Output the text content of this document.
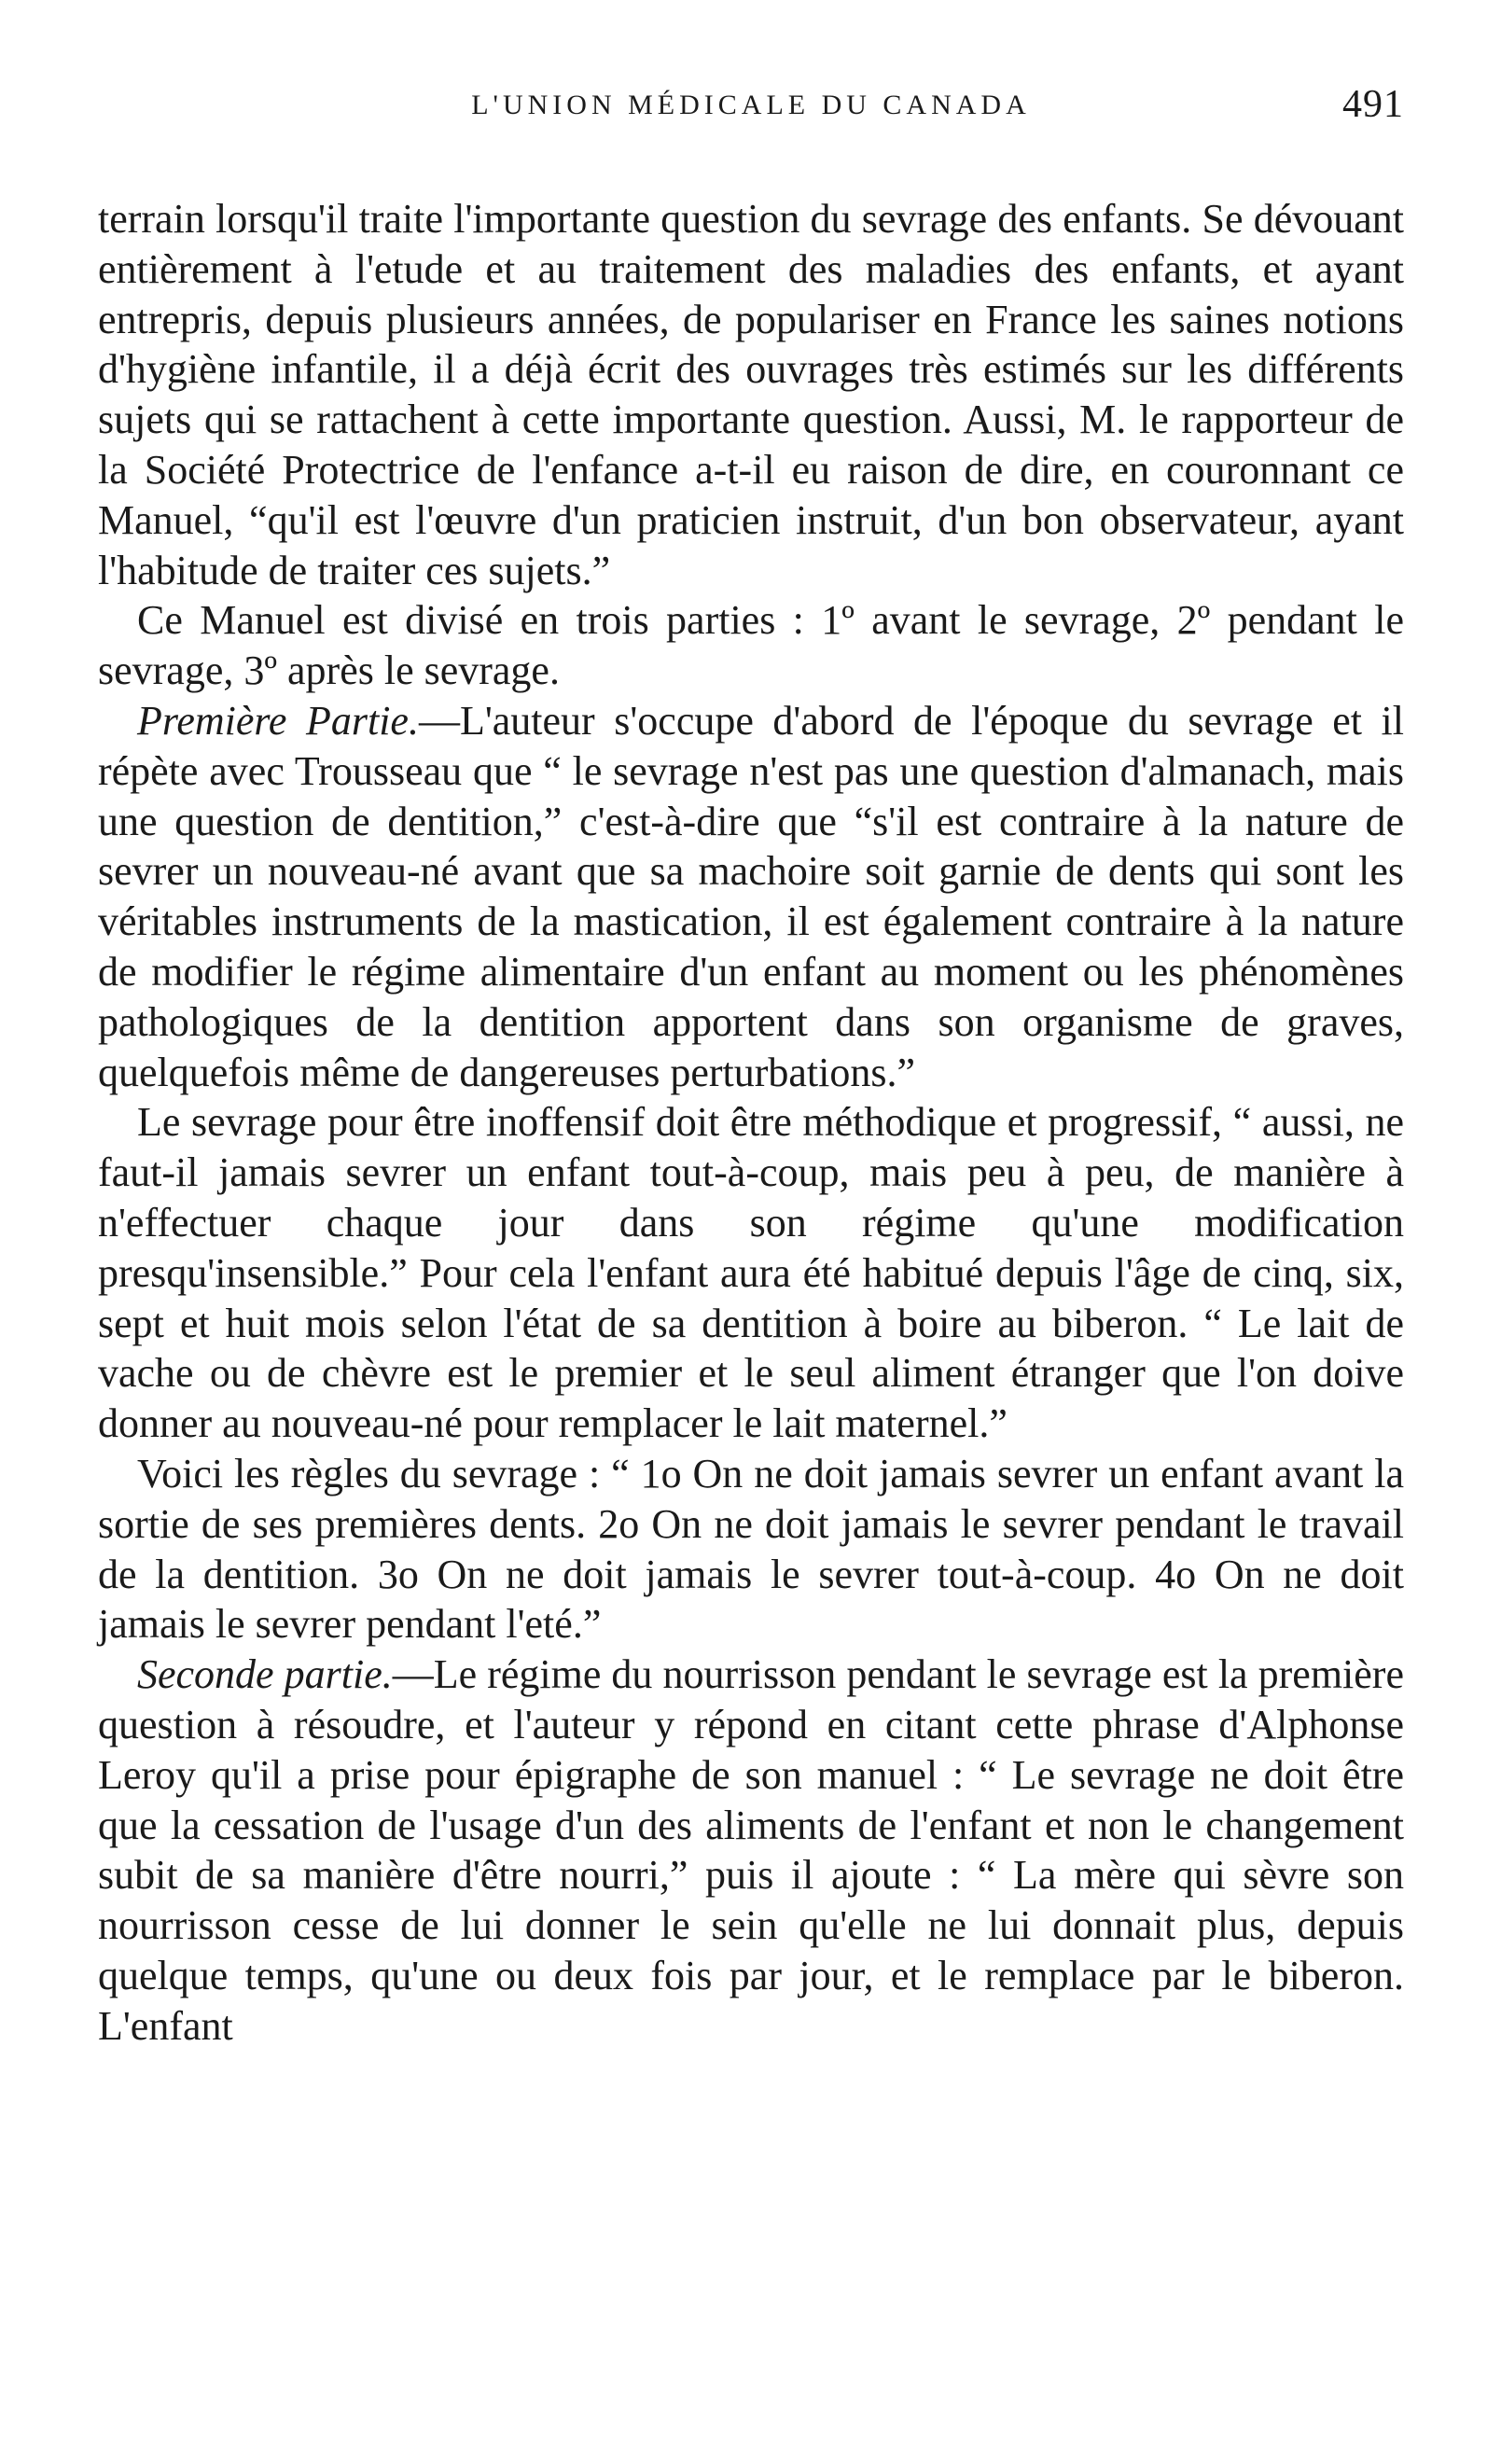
L'UNION MÉDICALE DU CANADA	491

terrain lorsqu'il traite l'importante question du sevrage des enfants. Se dévouant entièrement à l'etude et au traitement des maladies des enfants, et ayant entrepris, depuis plusieurs années, de populariser en France les saines notions d'hygiène infantile, il a déjà écrit des ouvrages très estimés sur les différents sujets qui se rattachent à cette importante question. Aussi, M. le rapporteur de la Société Protectrice de l'enfance a-t-il eu raison de dire, en couronnant ce Manuel, “qu'il est l'œuvre d'un praticien instruit, d'un bon observateur, ayant l'habitude de traiter ces sujets.”

Ce Manuel est divisé en trois parties : 1º avant le sevrage, 2º pendant le sevrage, 3º après le sevrage.

Première Partie.—L'auteur s'occupe d'abord de l'époque du sevrage et il répète avec Trousseau que “ le sevrage n'est pas une question d'almanach, mais une question de dentition,” c'est-à-dire que “s'il est contraire à la nature de sevrer un nouveau-né avant que sa machoire soit garnie de dents qui sont les véritables instruments de la mastication, il est également contraire à la nature de modifier le régime alimentaire d'un enfant au moment ou les phénomènes pathologiques de la dentition apportent dans son organisme de graves, quelquefois même de dangereuses perturbations.”

Le sevrage pour être inoffensif doit être méthodique et progressif, “ aussi, ne faut-il jamais sevrer un enfant tout-à-coup, mais peu à peu, de manière à n'effectuer chaque jour dans son régime qu'une modification presqu'insensible.” Pour cela l'enfant aura été habitué depuis l'âge de cinq, six, sept et huit mois selon l'état de sa dentition à boire au biberon. “ Le lait de vache ou de chèvre est le premier et le seul aliment étranger que l'on doive donner au nouveau-né pour remplacer le lait maternel.”

Voici les règles du sevrage : “ 1o On ne doit jamais sevrer un enfant avant la sortie de ses premières dents. 2o On ne doit jamais le sevrer pendant le travail de la dentition. 3o On ne doit jamais le sevrer tout-à-coup. 4o On ne doit jamais le sevrer pendant l'eté.”

Seconde partie.—Le régime du nourrisson pendant le sevrage est la première question à résoudre, et l'auteur y répond en citant cette phrase d'Alphonse Leroy qu'il a prise pour épigraphe de son manuel : “ Le sevrage ne doit être que la cessation de l'usage d'un des aliments de l'enfant et non le changement subit de sa manière d'être nourri,” puis il ajoute : “ La mère qui sèvre son nourrisson cesse de lui donner le sein qu'elle ne lui donnait plus, depuis quelque temps, qu'une ou deux fois par jour, et le remplace par le biberon. L'enfant
